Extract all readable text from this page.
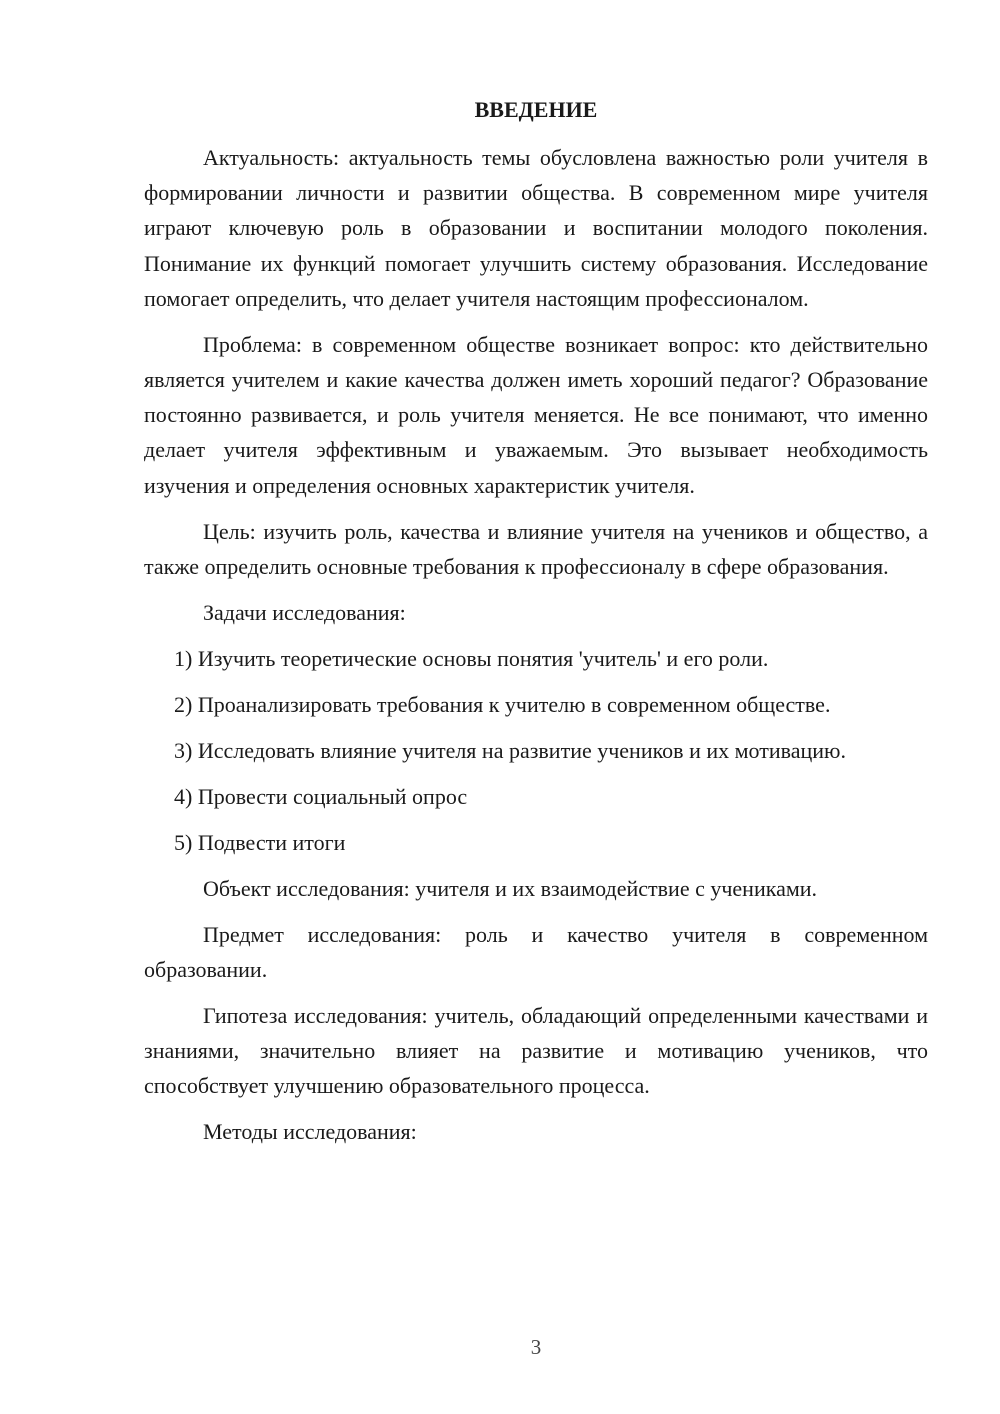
ВВЕДЕНИЕ

Актуальность: актуальность темы обусловлена важностью роли учителя в формировании личности и развитии общества. В современном мире учителя играют ключевую роль в образовании и воспитании молодого поколения. Понимание их функций помогает улучшить систему образования. Исследование помогает определить, что делает учителя настоящим профессионалом.

Проблема: в современном обществе возникает вопрос: кто действительно является учителем и какие качества должен иметь хороший педагог? Образование постоянно развивается, и роль учителя меняется. Не все понимают, что именно делает учителя эффективным и уважаемым. Это вызывает необходимость изучения и определения основных характеристик учителя.

Цель: изучить роль, качества и влияние учителя на учеников и общество, а также определить основные требования к профессионалу в сфере образования.

Задачи исследования:

1) Изучить теоретические основы понятия 'учитель' и его роли.

2) Проанализировать требования к учителю в современном обществе.

3) Исследовать влияние учителя на развитие учеников и их мотивацию.

4) Провести социальный опрос

5) Подвести итоги

Объект исследования: учителя и их взаимодействие с учениками.

Предмет исследования: роль и качество учителя в современном образовании.

Гипотеза исследования: учитель, обладающий определенными качествами и знаниями, значительно влияет на развитие и мотивацию учеников, что способствует улучшению образовательного процесса.

Методы исследования:

3
